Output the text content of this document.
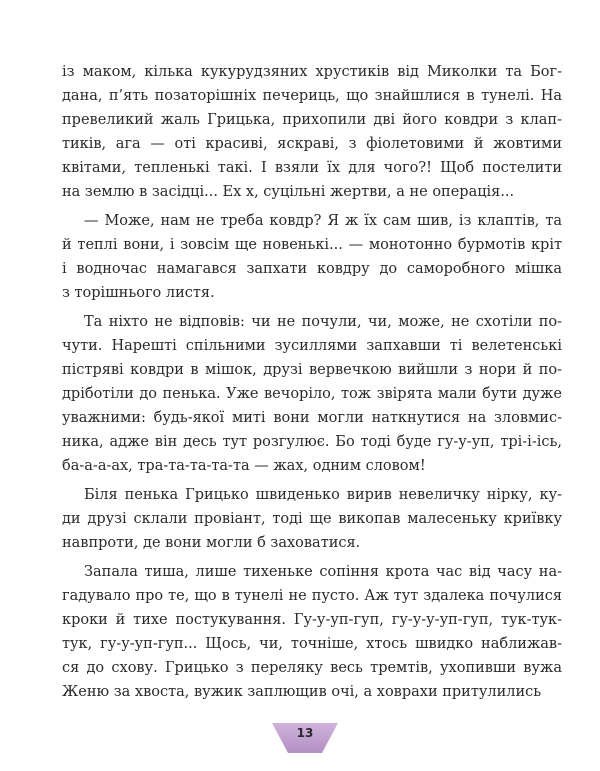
із маком, кілька кукурудзяних хрустиків від Миколки та Бог-
дана, п’ять позаторішніх печериць, що знайшлися в тунелі. На
превеликий жаль Грицька, прихопили дві його ковдри з клап-
тиків, ага — оті красиві, яскраві, з фіолетовими й жовтими
квітами, тепленькі такі. І взяли їх для чого?! Щоб постелити
на землю в засідці... Ех х, суцільні жертви, а не операція...

— Може, нам не треба ковдр? Я ж їх сам шив, із клаптів, та
й теплі вони, і зовсім ще новенькі... — монотонно бурмотів кріт
і водночас намагався запхати ковдру до саморобного мішка
з торішнього листя.

Та ніхто не відповів: чи не почули, чи, може, не схотіли по-
чути. Нарешті спільними зусиллями запхавши ті велетенські
пістряві ковдри в мішок, друзі вервечкою вийшли з нори й по-
дріботіли до пенька. Уже вечоріло, тож звірята мали бути дуже
уважними: будь-якої миті вони могли наткнутися на зловмис-
ника, адже він десь тут розгулює. Бо тоді буде гу-у-уп, трі-і-ісь,
ба-а-а-ах, тра-та-та-та-та — жах, одним словом!

Біля пенька Грицько швиденько вирив невеличку нірку, ку-
ди друзі склали провіант, тоді ще викопав малесеньку криївку
навпроти, де вони могли б заховатися.

Запала тиша, лише тихеньке сопіння крота час від часу на-
гадувало про те, що в тунелі не пусто. Аж тут здалека почулися
кроки й тихе постукування. Гу-у-уп-гуп, гу-у-у-уп-гуп, тук-тук-
тук, гу-у-уп-гуп... Щось, чи, точніше, хтось швидко наближав-
ся до схову. Грицько з переляку весь тремтів, ухопивши вужа
Женю за хвоста, вужик заплющив очі, а ховрахи притулились

13
